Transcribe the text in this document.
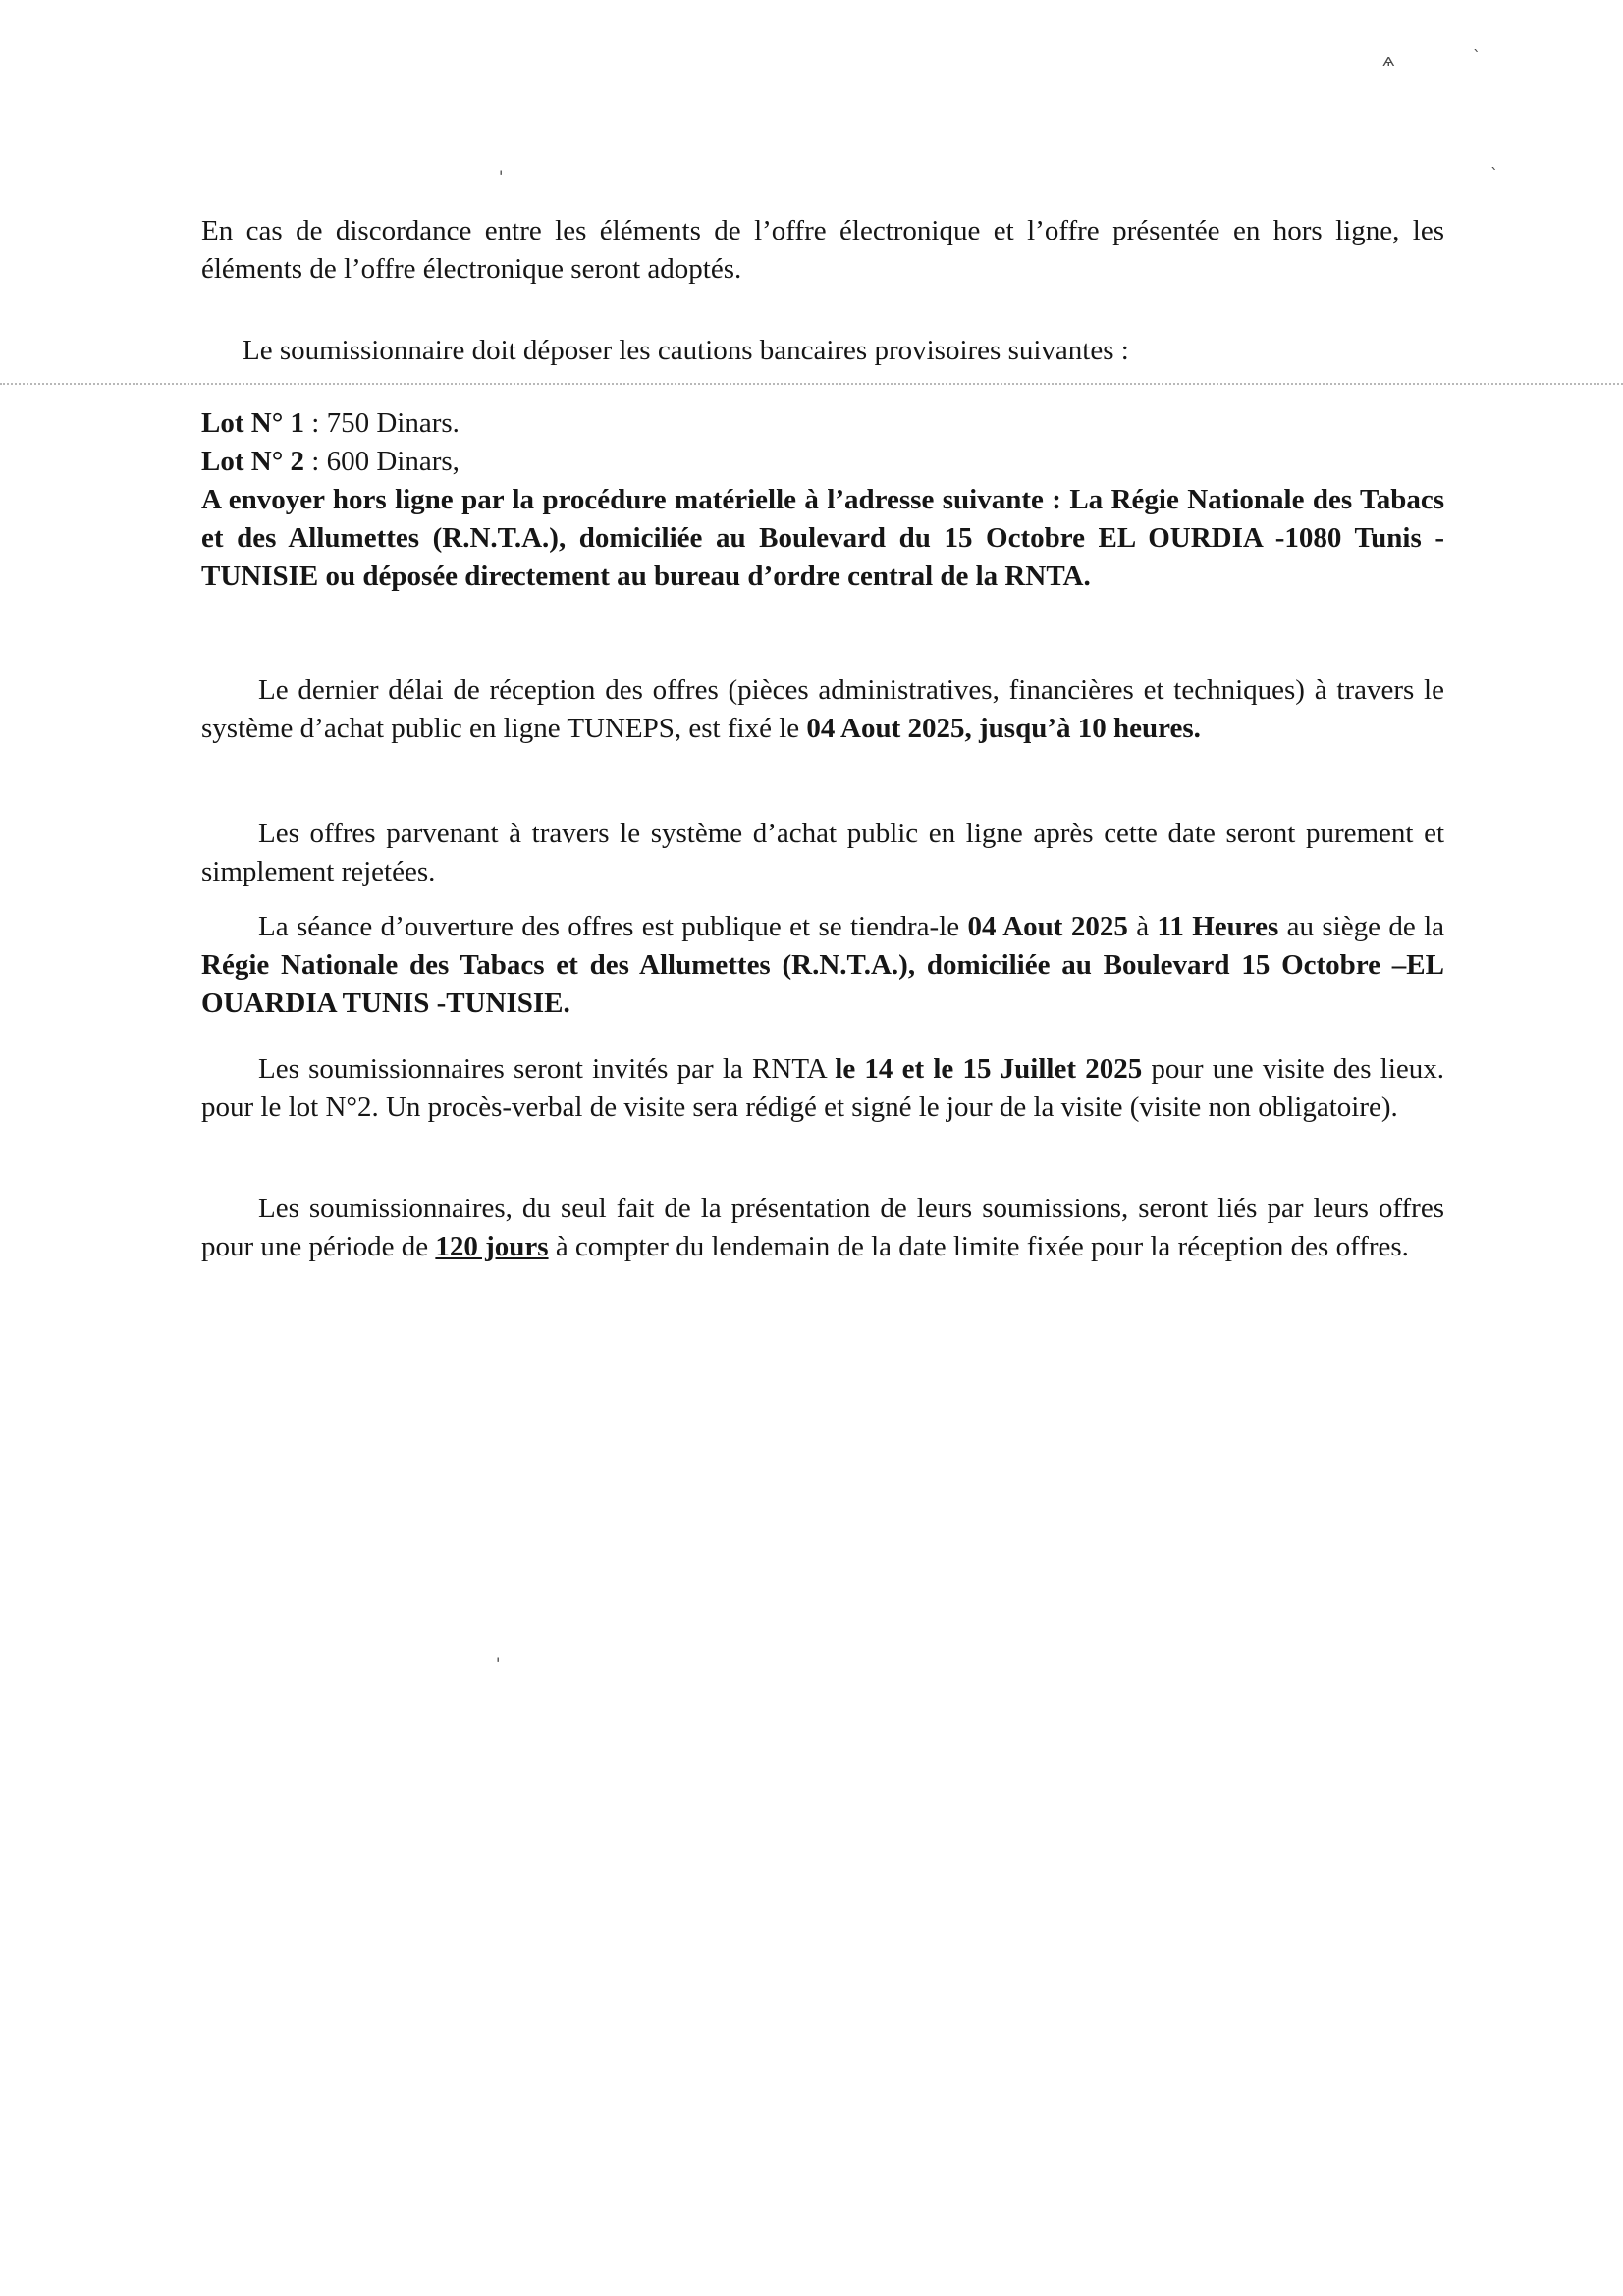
ѧ	`
'	`
'

En cas de discordance entre les éléments de l’offre électronique et l’offre présentée en hors ligne, les éléments de l’offre électronique seront adoptés.

Le soumissionnaire doit déposer les cautions bancaires provisoires suivantes :

Lot N° 1 : 750 Dinars.
Lot N° 2 : 600 Dinars,

A envoyer hors ligne par la procédure matérielle à l’adresse suivante : La Régie Nationale des Tabacs et des Allumettes (R.N.T.A.), domiciliée au Boulevard du 15 Octobre EL OURDIA -1080 Tunis -TUNISIE ou déposée directement au bureau d’ordre central de la RNTA.

Le dernier délai de réception des offres (pièces administratives, financières et techniques) à travers le système d’achat public en ligne TUNEPS, est fixé le 04 Aout 2025, jusqu’à 10 heures.

Les offres parvenant à travers le système d’achat public en ligne après cette date seront purement et simplement rejetées.

La séance d’ouverture des offres est publique et se tiendra-le 04 Aout 2025 à 11 Heures au siège de la Régie Nationale des Tabacs et des Allumettes (R.N.T.A.), domiciliée au Boulevard 15 Octobre –EL OUARDIA TUNIS -TUNISIE.

Les soumissionnaires seront invités par la RNTA le 14 et le 15 Juillet 2025 pour une visite des lieux. pour le lot N°2. Un procès-verbal de visite sera rédigé et signé le jour de la visite (visite non obligatoire).

Les soumissionnaires, du seul fait de la présentation de leurs soumissions, seront liés par leurs offres pour une période de 120 jours à compter du lendemain de la date limite fixée pour la réception des offres.
